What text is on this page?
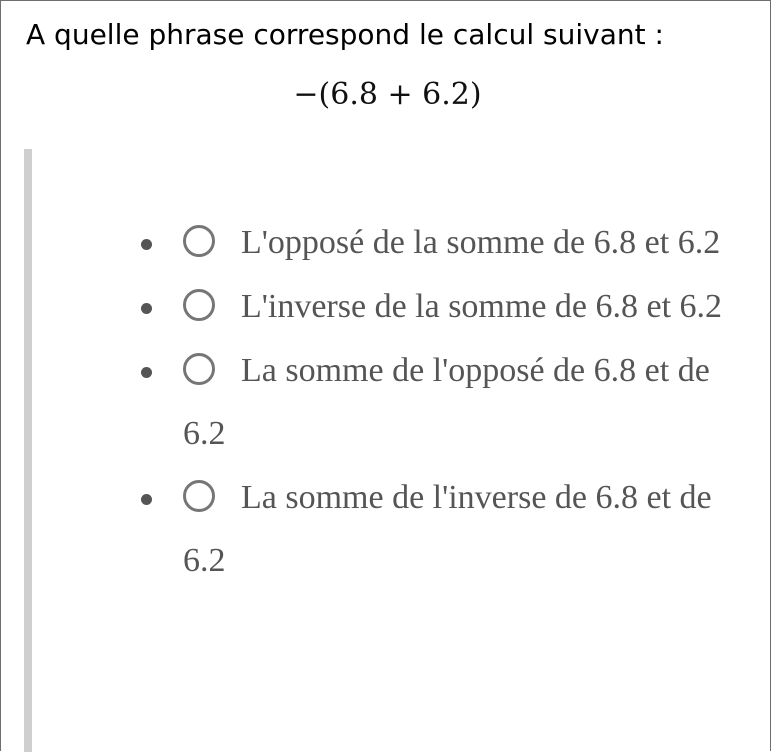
A quelle phrase correspond le calcul suivant :
−(6.8 + 6.2)
L'opposé de la somme de 6.8 et 6.2
L'inverse de la somme de 6.8 et 6.2
La somme de l'opposé de 6.8 et de 6.2
La somme de l'inverse de 6.8 et de 6.2
